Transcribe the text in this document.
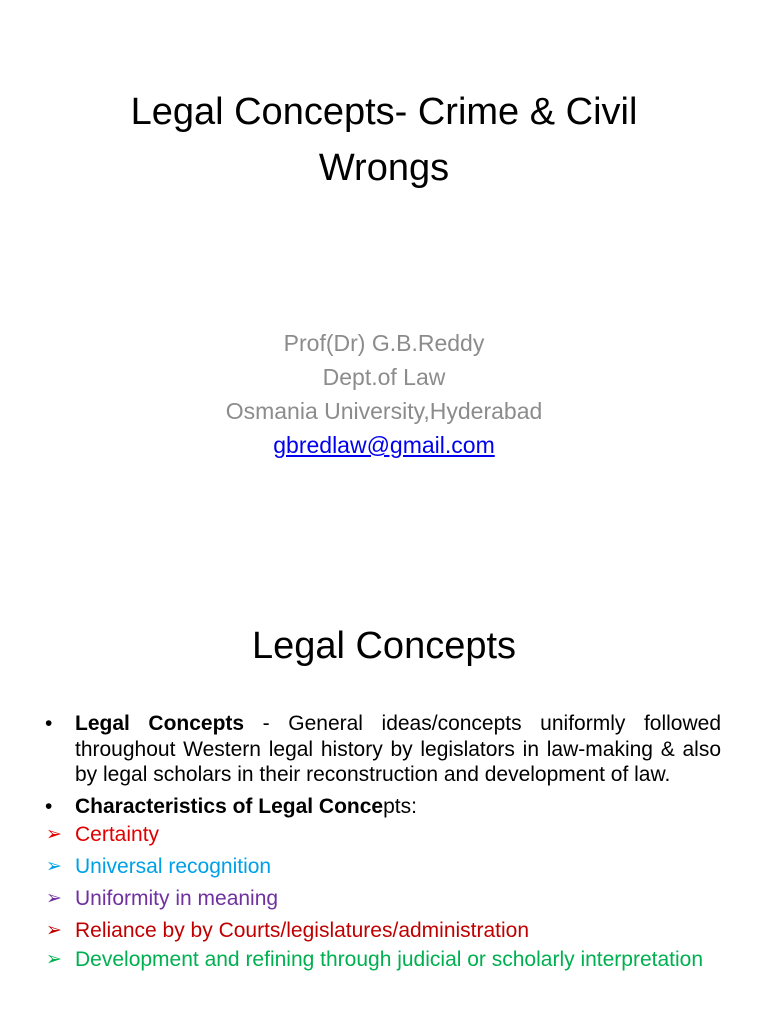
Legal Concepts- Crime & Civil
Wrongs
Prof(Dr) G.B.Reddy
Dept.of Law
Osmania University,Hyderabad
gbredlaw@gmail.com
Legal Concepts
•	Legal Concepts - General ideas/concepts uniformly followed throughout Western legal history by legislators in law-making & also by legal scholars in their reconstruction and development of law.
•	Characteristics of Legal Concepts:
➢ Certainty
➢ Universal recognition
➢ Uniformity in meaning
➢ Reliance by by Courts/legislatures/administration
➢ Development and refining through judicial or scholarly interpretation
